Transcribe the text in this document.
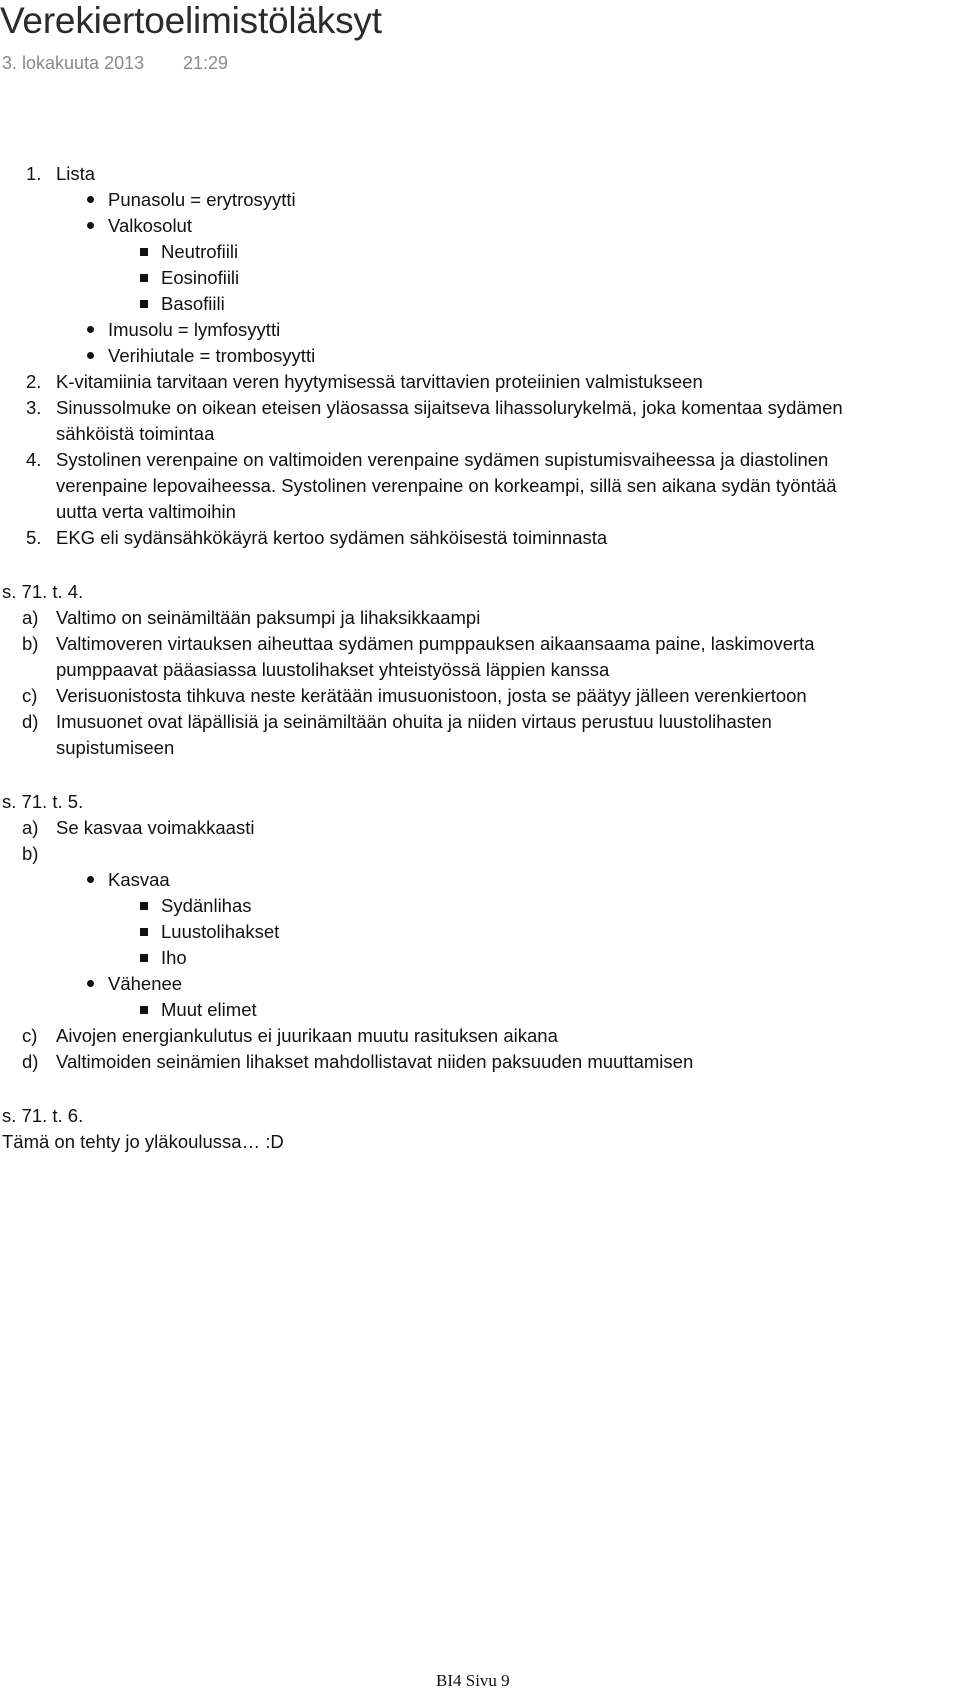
Verekiertoelimistöläksyt
3. lokakuuta 2013 21:29
1. Lista
Punasolu = erytrosyytti
Valkosolut
Neutrofiili
Eosinofiili
Basofiili
Imusolu = lymfosyytti
Verihiutale = trombosyytti
2. K-vitamiinia tarvitaan veren hyytymisessä tarvittavien proteiinien valmistukseen
3. Sinussolmuke on oikean eteisen yläosassa sijaitseva lihassolurykelmä, joka komentaa sydämen
sähköistä toimintaa
4. Systolinen verenpaine on valtimoiden verenpaine sydämen supistumisvaiheessa ja diastolinen
verenpaine lepovaiheessa. Systolinen verenpaine on korkeampi, sillä sen aikana sydän työntää
uutta verta valtimoihin
5. EKG eli sydänsähkökäyrä kertoo sydämen sähköisestä toiminnasta
s. 71. t. 4.
a) Valtimo on seinämiltään paksumpi ja lihaksikkaampi
b) Valtimoveren virtauksen aiheuttaa sydämen pumppauksen aikaansaama paine, laskimoverta
pumppaavat pääasiassa luustolihakset yhteistyössä läppien kanssa
c) Verisuonistosta tihkuva neste kerätään imusuonistoon, josta se päätyy jälleen verenkiertoon
d) Imusuonet ovat läpällisiä ja seinämiltään ohuita ja niiden virtaus perustuu luustolihasten
supistumiseen
s. 71. t. 5.
a) Se kasvaa voimakkaasti
b)
Kasvaa
Sydänlihas
Luustolihakset
Iho
Vähenee
Muut elimet
c) Aivojen energiankulutus ei juurikaan muutu rasituksen aikana
d) Valtimoiden seinämien lihakset mahdollistavat niiden paksuuden muuttamisen
s. 71. t. 6.
Tämä on tehty jo yläkoulussa… :D
BI4 Sivu 9
